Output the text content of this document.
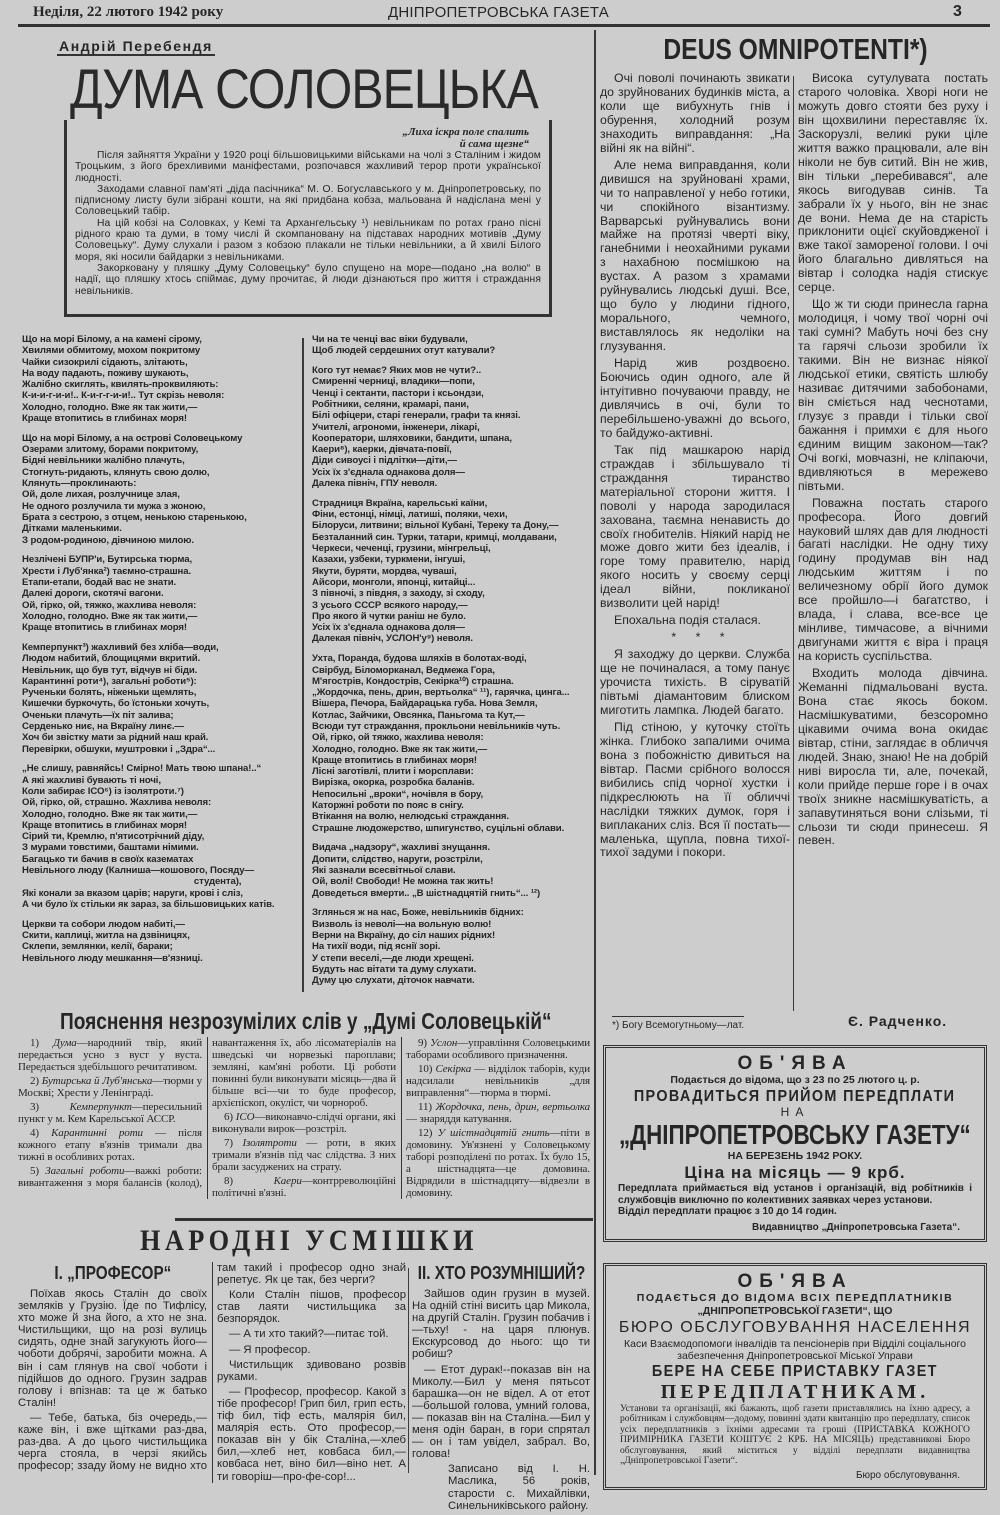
Неділя, 22 лютого 1942 року	ДНІПРОПЕТРОВСЬКА ГАЗЕТА	3
Андрій Перебендя
ДУМА СОЛОВЕЦЬКА
„Лиха іскра поле спалить
й сама щезне“

Після зайняття України у 1920 році більшовицькими військами на чолі з Сталіним і жидом Троцьким, з його брехливими маніфестами, розпочався жахливий терор проти української людності.

Заходами славної пам'яті „діда пасічника“ М. О. Богуславського у м. Дніпропетровську, по підписному листу були зібрані кошти, на які придбана кобза, мальована й надіслана мені у Соловецький табір.

На цій кобзі на Соловках, у Кемі та Архангельську ¹) невільникам по ротах грано пісні рідного краю та думи, в тому числі й скомпановану на підставах народних мотивів „Думу Соловецьку“. Думу слухали і разом з кобзою плакали не тільки невільники, а й хвилі Білого моря, які носили байдарки з невільниками.

Закорковану у пляшку „Думу Соловецьку“ було спущено на море—подано „на волю“ в надії, що пляшку хтось спіймає, думу прочитає, й люди дізнаються про життя і страждання невільників.

Що на морі Білому, а на камені сірому,
Хвилями обмитому, мохом покритому
Чайки сизокрилі сідають, злітають,
На воду падають, поживу шукають,
Жалібно скиглять, квилять-проквиляють:
К-и-и-г-и-и!.. К-и-г-г-и-и!.. Тут скрізь неволя:
Холодно, голодно. Вже як так жити,—
Краще втопитись в глибинах моря!
Що на морі Білому, а на острові Соловецькому
Озерами злитому, борами покритому,
Бідні невільники жалібно плачуть,
Стогнуть-ридають, клянуть свою долю,
Клянуть—проклинають:
Ой, доле лихая, розлучнице злая,
Не одного розлучила ти мужа з жоною,
Брата з сестрою, з отцем, ненькою старенькою,
Дітками маленькими.
З родом-родиною, дівчиною милою.
Незлічені БУПР'и, Бутирська тюрма,
Хрести і Луб'янка²) таємно-страшна.
Етапи-етапи, бодай вас не знати.
Далекі дороги, скотячі вагони.
Ой, гірко, ой, тяжко, жахлива неволя:
Холодно, голодно. Вже як так жити,—
Краще втопитись в глибинах моря!
Кемперпункт³) жахливий без хліба—води,
Людом набитий, блощицями вкритий.
Невільник, що був тут, відчув ні біди.
Карантинні роти⁴), загальні роботи⁵):
Рученьки болять, ніженьки щемлять,
Кишечки буркочуть, бо їстоньки хочуть,
Оченьки плачуть—їх піт залива;
Серденько ниє, на Вкраїну линє.—
Хоч би звістку мати за рідний наш край.
Перевірки, обшуки, муштровки і „Здра“...
„Не слишу, равняйсь! Смірно! Мать твою шпана!..“
А які жахливі бувають ті ночі,
Коли забирає ІСО⁶) із ізолятроти.⁷)
Ой, гірко, ой, страшно. Жахлива неволя:
Холодно, голодно. Вже як так жити,—
Краще втопитись в глибинах моря!
Сірий ти, Кремлю, п'ятисотрічний діду,
З мурами товстими, баштами німими.
Багацько ти бачив в своїх казематах
Невільного люду (Калниша—кошового, Посяду—
студента),
Які конали за вказом царів; наруги, крові і сліз,
А чи було їх стільки як зараз, за більшовицьких катів.
Церкви та собори людом набиті,—
Скити, каплиці, житла на дзвіницях,
Склепи, землянки, келії, бараки;
Невільного люду мешкання—в'язниці.
Чи на те ченці вас віки будували,
Щоб людей сердешних отут катували?
Кого тут немає? Яких мов не чути?..
Смиренні черниці, владики—попи,
Ченці і сектанти, пастори і ксьондзи,
Робітники, селяни, крамарі, пани,
Білі офіцери, старі генерали, графи та князі.
Учителі, агрономи, інженери, лікарі,
Кооператори, шляховики, бандити, шпана,
Каери⁸), каерки, дівчата-повії,
Діди сивоусі і підлітки—діти,—
Усіх їх з'єднала однакова доля—
Далека північ, ГПУ неволя.
Страдниця Вкраїна, карельські каїни,
Фіни, естонці, німці, латиші, поляки, чехи,
Білоруси, литвини; вільної Кубані, Тереку та Дону,—
Безталанний син. Турки, татари, кримці, молдавани,
Черкеси, чеченці, грузини, мінгрельці,
Казахи, узбеки, туркмени, інгуші,
Якути, буряти, мордва, чуваші,
Айсори, монголи, японці, китайці...
З півночі, з півдня, з заходу, зі сходу,
З усього СССР всякого народу,—
Про якого й чутки раніш не було.
Усіх їх з'єднала однакова доля—
Далекая північ, УСЛОН'у⁹) неволя.
Ухта, Поранда, будова шляхів в болотах-воді,
Свірбуд, Біломорканал, Ведмежа Гора,
М'ягострів, Кондострів, Секірка¹⁰) страшна.
„Жордочка, пень, дрин, вертьолка“ ¹¹), гарячка, цинга...
Вішера, Печора, Байдарацька губа. Нова Земля,
Котлас, Зайчики, Овсянка, Паньгома та Кут,—
Всюди тут страждання, прокльони невільників чуть.
Ой, гірко, ой тяжко, жахлива неволя:
Холодно, голодно. Вже як так жити,—
Краще втопитись в глибинах моря!
Лісні заготівлі, плити і морсплави:
Вирізка, окорка, розробка баланів.
Непосильні „вроки“, ночівля в бору,
Каторжні роботи по пояс в снігу.
Втікання на волю, нелюдські страждання.
Страшне людожерство, шпигунство, суцільні облави.
Видача „надзору“, жахливі знущання.
Допити, слідство, наруги, розстріли,
Які зазнали всесвітньої слави.
Ой, волі! Свободи! Не можна так жить!
Доведеться вмерти.. „В шістнадцятій гнить“... ¹²)
Зглянься ж на нас, Боже, невільників бідних:
Визволь із неволі—на вольную волю!
Верни на Вкраїну, до сіл наших рідних!
На тихії води, під яснії зорі.
У степи веселі,—де люди хрещені.
Будуть нас вітати та думу слухати.
Думу цю слухати, діточок навчати.
Пояснення незрозумілих слів у „Думі Соловецькій“

1) Дума—народний твір, який передається усно з вуст у вуста. Передається здебільшого речитативом.

2) Бутирська й Луб'янська—тюрми у Москві; Хрести у Ленінграді.

3) Кемперпункт—пересильний пункт у м. Кем Карельської АССР.

4) Карантинні роти — після кожного етапу в'язнів тримали два тижні в особливих ротах.

5) Загальні роботи—важкі роботи: вивантаження з моря балансів (колод), навантаження їх, або лісоматеріалів на шведські чи норвезькі пароплави; земляні, кам'яні роботи. Ці роботи повинні були виконувати місяць—два й більше всі—чи то буде професор, архієпіскоп, окуліст, чи чорнороб.

6) ІСО—виконавчо-слідчі органи, які виконували вирок—розстріл.

7) Ізолятроти — роти, в яких тримали в'язнів під час слідства. З них брали засуджених на страту.

8) Каери—контрреволюційні політичні в'язні.

9) Услон—управління Соловецькими таборами особливого призначення.

10) Секірка — відділок таборів, куди надсилали невільників „для виправлення“—тюрма в тюрмі.

11) Жордочка, пень, дрин, вертьолка — знаряддя катування.

12) У шістнадцятій гнить—піти в домовину. Ув'язнені у Соловецькому таборі розподілені по ротах. Їх було 15, а шістнадцята—це домовина. Відрядили в шістнадцяту—відвезли в домовину.

НАРОДНІ УСМІШКИ
І. „ПРОФЕСОР“

Поїхав якось Сталін до своїх земляків у Грузію. Їде по Тифлісу, хто може й зна його, а хто не зна. Чистильщики, що на розі вулиць сидять, одне знай загукують його—чоботи добрячі, заробити можна. А він і сам глянув на свої чоботи і підійшов до одного. Грузин задрав голову і впізнав: та це ж батько Сталін!

— Тебе, батька, біз очередь,— каже він, і вже щітками раз-два, раз-два. А до цього чистильщика черга стояла, в черзі якийсь професор; ззаду йому не видно хто там такий і професор одно знай репетує. Як це так, без черги?

Коли Сталін пішов, професор став лаяти чистильщика за безпорядок.

— А ти хто такий?—питає той.

— Я професор.

Чистильщик здивовано розвів руками.

— Професор, професор. Какой з тібе професор! Грип бил, грип есть, тіф бил, тіф есть, малярія бил, малярія есть. Ото професор,— показав він у бік Сталіна,—хлеб бил,—хлеб нет, ковбаса бил,— ковбаса нет, віно бил—віно нет. А ти говоріш—про-фе-сор!...

ІІ. ХТО РОЗУМНІШИЙ?

Зайшов один грузин в музей. На одній стіні висить цар Микола, на другій Сталін. Грузин побачив і—тьху! - на царя плюнув. Екскурсовод до нього: що ти робиш?

— Етот дурак!--показав він на Миколу.—Бил у меня пятьсот барашка—он не відел. А от етот—большой голова, умний голова,— показав він на Сталіна.—Бил у меня одін баран, в гори спрятал— он і там увідел, забрал. Во, голова!

Записано від І. Н. Маслика, 56 років, старости с. Михайлівки, Синельниківського району.

DEUS OMNIPOTENTI*)

Очі поволі починають звикати до зруйнованих будинків міста, а коли ще вибухнуть гнів і обурення, холодний розум знаходить виправдання: „На війні як на війні“.

Але нема виправдання, коли дивишся на зруйновані храми, чи то направленої у небо готики, чи спокійного візантизму. Варварські руйнувались вони майже на протязі чверті віку, ганебними і неохайними руками з нахабною посмішкою на вустах. А разом з храмами руйнувались людські душі. Все, що було у людини гідного, морального, чемного, виставлялось як недоліки на глузування.

Нарід жив роздвоєно. Боючись один одного, але й інтуітивно почуваючи правду, не дивлячись в очі, були то перебільшено-уважні до всього, то байдужо-активні.

Так під машкарою нарід страждав і збільшувало ті страждання тиранство матеріальної сторони життя. І поволі у народа зародилася захована, таємна ненависть до своїх гнобителів. Ніякий нарід не може довго жити без ідеалів, і горе тому правителю, нарід якого носить у своєму серці ідеал війни, покликаної визволити цей нарід!

Епохальна подія сталася.

* * *

Я заходжу до церкви. Служба ще не починалася, а тому панує урочиста тихість. В сіруватій півтьмі діамантовим блиском миготить лампка. Людей багато.

Під стіною, у куточку стоїть жінка. Глибоко запалими очима вона з побожністю дивиться на вівтар. Пасми срібного волосся вибились спід чорної хустки і підкреслюють на її обличчі наслідки тяжких думок, горя і виплаканих сліз. Вся її постать—маленька, щупла, повна тихої-тихої задуми і покори.

Висока сутулувата постать старого чоловіка. Хворі ноги не можуть довго стояти без руху і він щохвилини переставляє їх. Заскорузлі, великі руки ціле життя важко працювали, але він ніколи не був ситий. Він не жив, він тільки „перебивався“, але якось вигодував синів. Та забрали їх у нього, він не знає де вони. Нема де на старість приклонити оцієї скуйовдженої і вже такої замореної голови. І очі його благально дивляться на вівтар і солодка надія стискує серце.

Що ж ти сюди принесла гарна молодиця, і чому твої чорні очі такі сумні? Мабуть ночі без сну та гарячі сльози зробили їх такими. Він не визнає ніякої людської етики, святість шлюбу називає дитячими забобонами, він сміється над чеснотами, глузує з правди і тільки свої бажання і примхи є для нього єдиним вищим законом—так? Очі вогкі, мовчазні, не кліпаючи, вдивляються в мережево півтьми.

Поважна постать старого професора. Його довгий науковий шлях дав для людності багаті наслідки. Не одну тиху годину продумав він над людським життям і по величезному обрії його думок все пройшло—і багатство, і влада, і слава, все-все це мінливе, тимчасове, а вічними двигунами життя є віра і праця на користь суспільства.

Входить молода дівчина. Жеманні підмальовані вуста. Вона стає якось боком. Насмішкуватими, безсоромно цікавими очима вона окидає вівтар, стіни, заглядає в обличчя людей. Знаю, знаю! Не на добрій ниві виросла ти, але, почекай, коли прийде перше горе і в очах твоїх зникне насмішкуватість, а запавутиняться вони слізьми, ті сльози ти сюди принесеш. Я певен.

*) Богу Всемогутньому—лат.	Є. Радченко.
ОБ'ЯВА
Подається до відома, що з 23 по 25 лютого ц. р.
ПРОВАДИТЬСЯ ПРИЙОМ ПЕРЕДПЛАТИ
НА
„ДНІПРОПЕТРОВСЬКУ ГАЗЕТУ“
НА БЕРЕЗЕНЬ 1942 РОКУ.
Ціна на місяць — 9 крб.
Передплата приймається від установ і організацій, від робітників і службовців виключно по колективних заявках через установи.
Відділ передплати працює з 10 до 14 годин.
Видавництво „Дніпропетровська Газета“.
ОБ'ЯВА
ПОДАЄТЬСЯ ДО ВІДОМА ВСІХ ПЕРЕДПЛАТНИКІВ
„ДНІПРОПЕТРОВСЬКОЇ ГАЗЕТИ“, ЩО
БЮРО ОБСЛУГОВУВАННЯ НАСЕЛЕННЯ
Каси Взаємодопомоги інвалідів та пенсіонерів при Відділі соціального забезпечення Дніпропетровської Міської Управи
БЕРЕ НА СЕБЕ ПРИСТАВКУ ГАЗЕТ
ПЕРЕДПЛАТНИКАМ.
Установи та організації, які бажають, щоб газети приставлялись на їхню адресу, а робітникам і службовцям—додому, повинні здати квитанцію про передплату, список усіх передплатників з їхніми адресами та гроші (ПРИСТАВКА КОЖНОГО ПРИМІРНИКА ГАЗЕТИ КОШТУЄ 2 КРБ. НА МІСЯЦЬ) представникові Бюро обслуговування, який міститься у відділі передплати видавництва „Дніпропетровської Газети“.
Бюро обслуговування.
